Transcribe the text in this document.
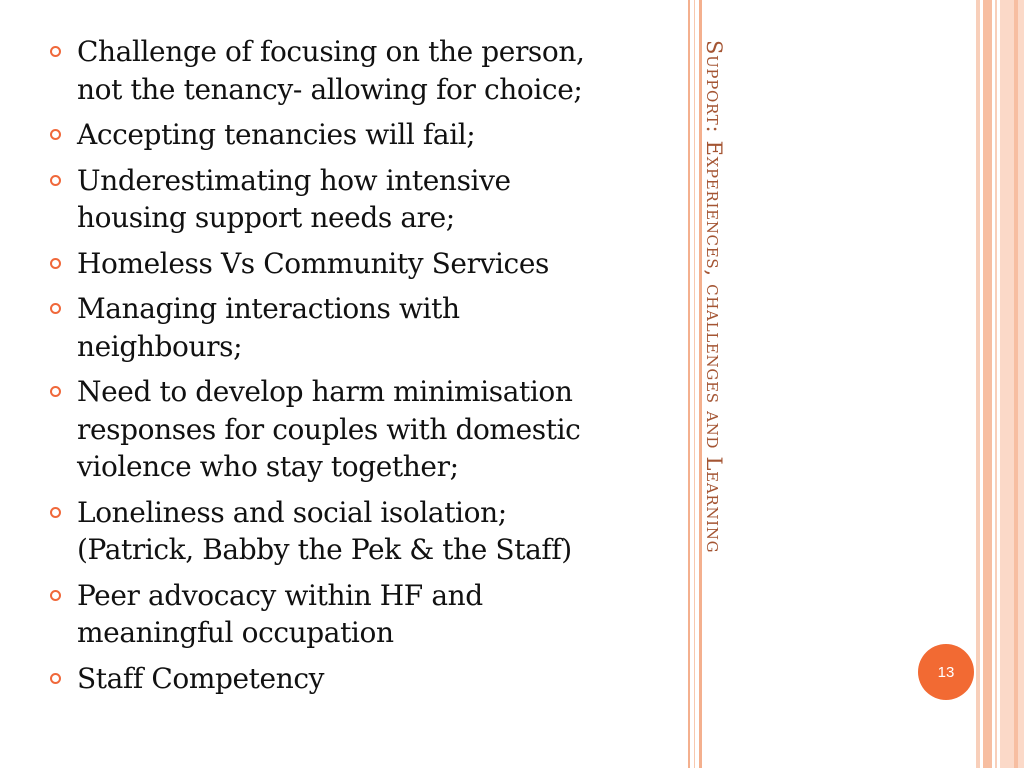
Challenge of focusing on the person,
not the tenancy- allowing for choice;
Accepting tenancies will fail;
Underestimating how intensive
housing support needs are;
Homeless Vs Community Services
Managing interactions with
neighbours;
Need to develop harm minimisation
responses for couples with domestic
violence who stay together;
Loneliness and social isolation;
(Patrick, Babby the Pek & the Staff)
Peer advocacy within HF and
meaningful occupation
Staff Competency
Support: Experiences, challenges and Learning
13
